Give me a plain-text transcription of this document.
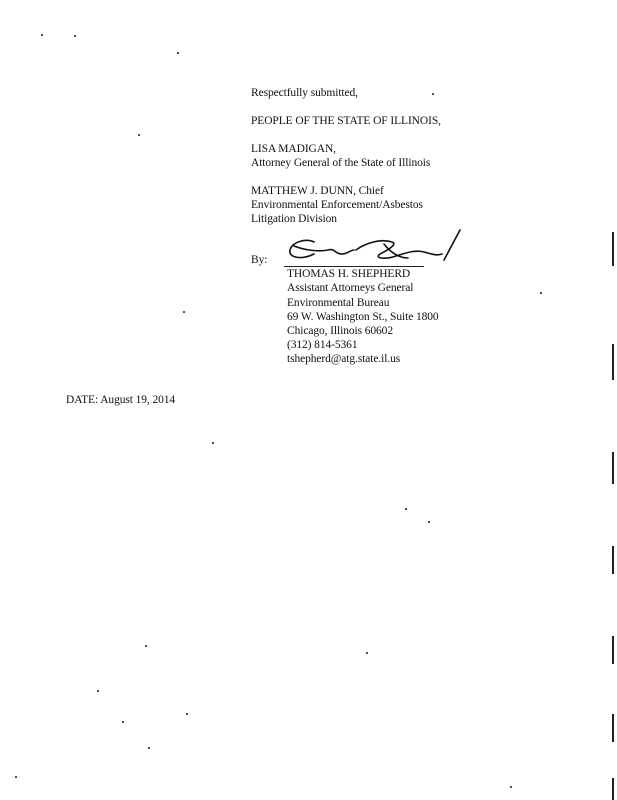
Respectfully submitted,
PEOPLE OF THE STATE OF ILLINOIS,
LISA MADIGAN,
Attorney General of the State of Illinois
MATTHEW J. DUNN, Chief
Environmental Enforcement/Asbestos
Litigation Division
By:
THOMAS H. SHEPHERD
Assistant Attorneys General
Environmental Bureau
69 W. Washington St., Suite 1800
Chicago, Illinois 60602
(312) 814-5361
tshepherd@atg.state.il.us
DATE: August 19, 2014
